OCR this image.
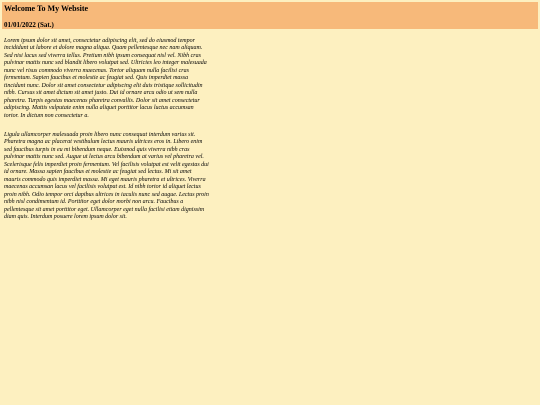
Welcome To My Website
01/01/2022 (Sat.)

Lorem ipsum dolor sit amet, consectetur adipiscing elit, sed do eiusmod tempor incididunt ut labore et dolore magna aliqua. Quam pellentesque nec nam aliquam. Sed nisi lacus sed viverra tellus. Pretium nibh ipsum consequat nisl vel. Nibh cras pulvinar mattis nunc sed blandit libero volutpat sed. Ultricies leo integer malesuada nunc vel risus commodo viverra maecenas. Tortor aliquam nulla facilisi cras fermentum. Sapien faucibus et molestie ac feugiat sed. Quis imperdiet massa tincidunt nunc. Dolor sit amet consectetur adipiscing elit duis tristique sollicitudin nibh. Cursus sit amet dictum sit amet justo. Dui id ornare arcu odio ut sem nulla pharetra. Turpis egestas maecenas pharetra convallis. Dolor sit amet consectetur adipiscing. Mattis vulputate enim nulla aliquet porttitor lacus luctus accumsan tortor. In dictum non consectetur a.

Ligula ullamcorper malesuada proin libero nunc consequat interdum varius sit. Pharetra magna ac placerat vestibulum lectus mauris ultrices eros in. Libero enim sed faucibus turpis in eu mi bibendum neque. Euismod quis viverra nibh cras pulvinar mattis nunc sed. Augue ut lectus arcu bibendum at varius vel pharetra vel. Scelerisque felis imperdiet proin fermentum. Vel facilisis volutpat est velit egestas dui id ornare. Massa sapien faucibus et molestie ac feugiat sed lectus. Mi sit amet mauris commodo quis imperdiet massa. Mi eget mauris pharetra et ultrices. Viverra maecenas accumsan lacus vel facilisis volutpat est. Id nibh tortor id aliquet lectus proin nibh. Odio tempor orci dapibus ultrices in iaculis nunc sed augue. Lectus proin nibh nisl condimentum id. Porttitor eget dolor morbi non arcu. Faucibus a pellentesque sit amet porttitor eget. Ullamcorper eget nulla facilisi etiam dignissim diam quis. Interdum posuere lorem ipsum dolor sit.
